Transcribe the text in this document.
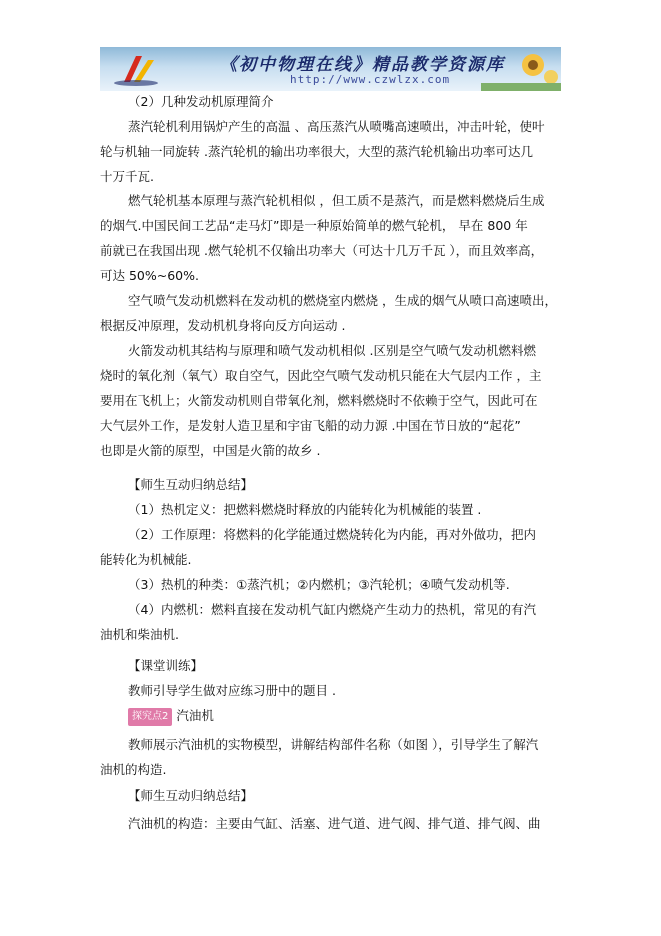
《初中物理在线》精品教学资源库
http://www.czwlzx.com
（2）几种发动机原理简介
蒸汽轮机利用锅炉产生的高温 、高压蒸汽从喷嘴高速喷出，冲击叶轮，使叶
轮与机轴一同旋转 .蒸汽轮机的输出功率很大，大型的蒸汽轮机输出功率可达几
十万千瓦.
燃气轮机基本原理与蒸汽轮机相似 ，但工质不是蒸汽，而是燃料燃烧后生成
的烟气.中国民间工艺品“走马灯”即是一种原始简单的燃气轮机， 早在 800 年
前就已在我国出现 .燃气轮机不仅输出功率大（可达十几万千瓦 ），而且效率高，
可达 50%~60%.
空气喷气发动机燃料在发动机的燃烧室内燃烧 ，生成的烟气从喷口高速喷出，
根据反冲原理，发动机机身将向反方向运动 .
火箭发动机其结构与原理和喷气发动机相似 .区别是空气喷气发动机燃料燃
烧时的氧化剂（氧气）取自空气，因此空气喷气发动机只能在大气层内工作 ，主
要用在飞机上；火箭发动机则自带氧化剂，燃料燃烧时不依赖于空气，因此可在
大气层外工作，是发射人造卫星和宇宙飞船的动力源 .中国在节日放的“起花”
也即是火箭的原型，中国是火箭的故乡 .
【师生互动归纳总结】
（1）热机定义：把燃料燃烧时释放的内能转化为机械能的装置 .
（2）工作原理：将燃料的化学能通过燃烧转化为内能，再对外做功，把内
能转化为机械能.
（3）热机的种类：①蒸汽机；②内燃机；③汽轮机；④喷气发动机等.
（4）内燃机：燃料直接在发动机气缸内燃烧产生动力的热机，常见的有汽
油机和柴油机.
【课堂训练】
教师引导学生做对应练习册中的题目 .
探究点2 汽油机
教师展示汽油机的实物模型，讲解结构部件名称（如图 ），引导学生了解汽
油机的构造.
【师生互动归纳总结】
汽油机的构造：主要由气缸、活塞、进气道、进气阀、排气道、排气阀、曲
